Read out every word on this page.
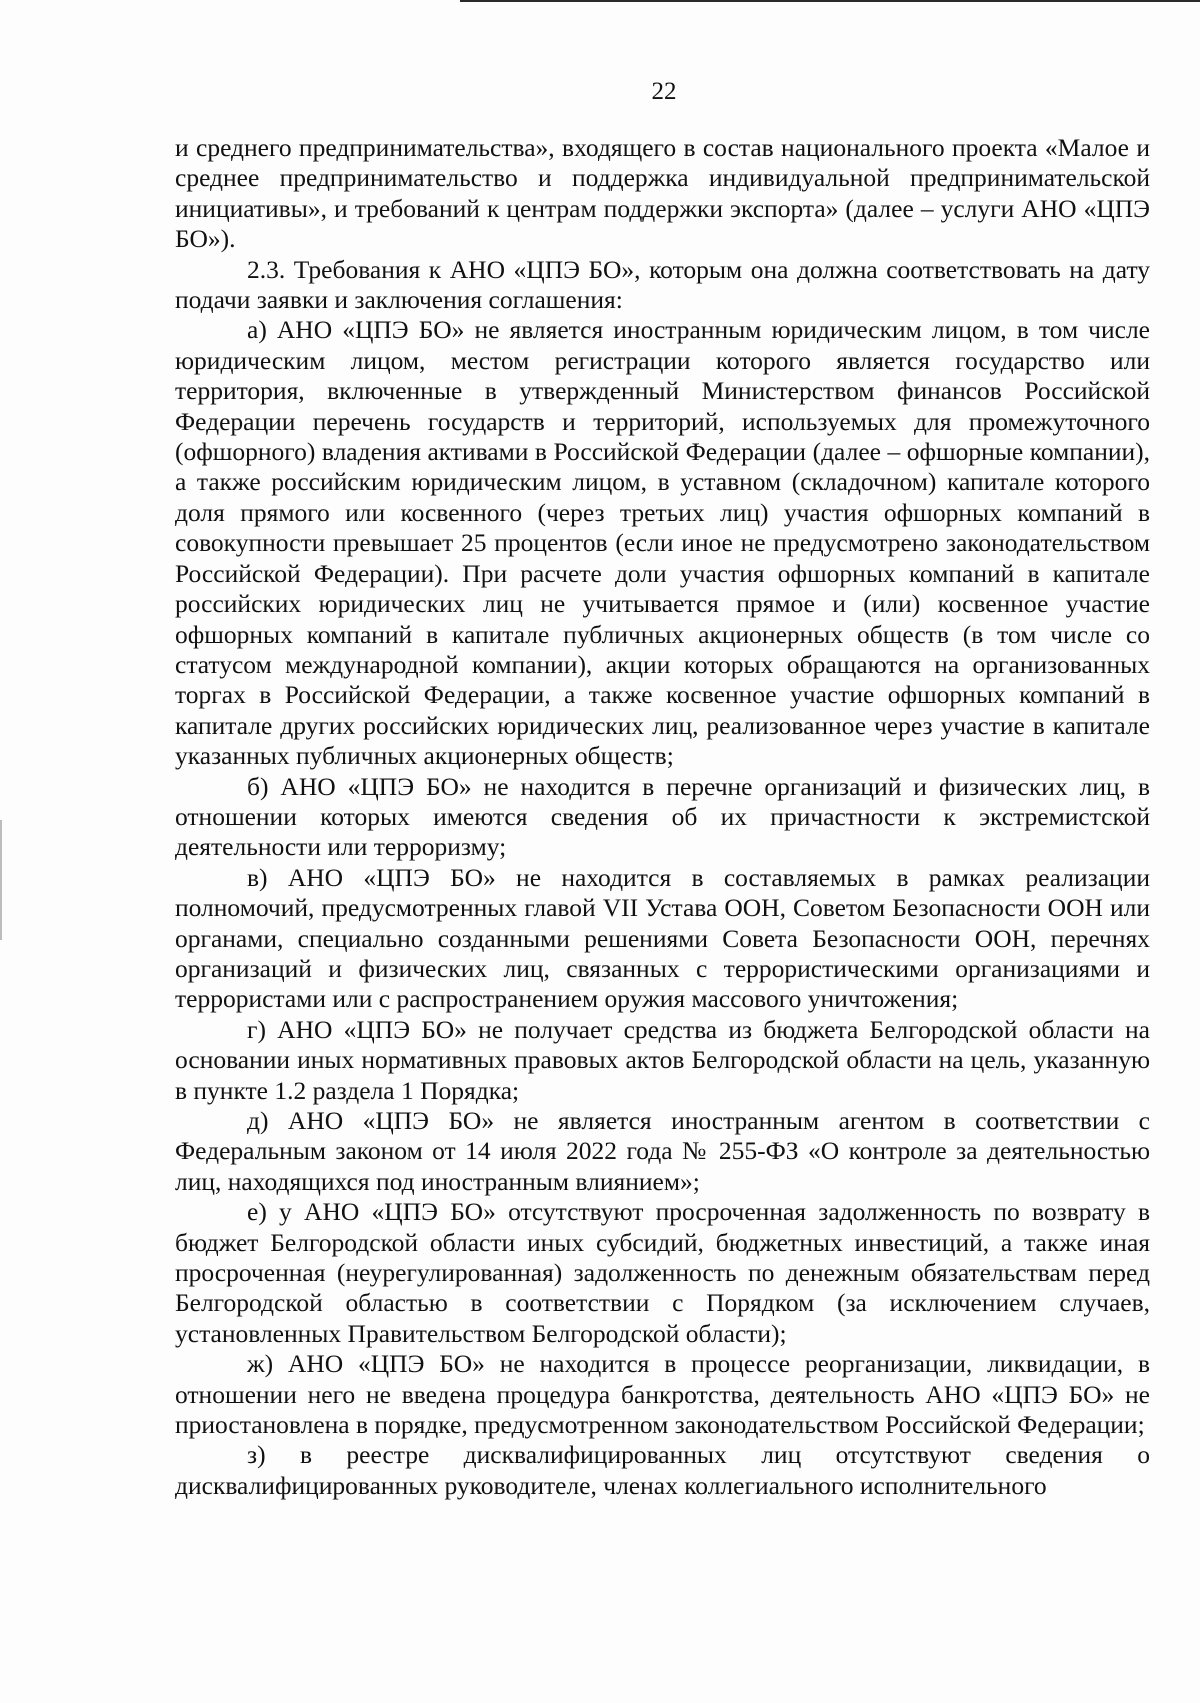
22

и среднего предпринимательства», входящего в состав национального проекта «Малое и среднее предпринимательство и поддержка индивидуальной предпринимательской инициативы», и требований к центрам поддержки экспорта» (далее – услуги АНО «ЦПЭ БО»).

2.3. Требования к АНО «ЦПЭ БО», которым она должна соответствовать на дату подачи заявки и заключения соглашения:

а) АНО «ЦПЭ БО» не является иностранным юридическим лицом, в том числе юридическим лицом, местом регистрации которого является государство или территория, включенные в утвержденный Министерством финансов Российской Федерации перечень государств и территорий, используемых для промежуточного (офшорного) владения активами в Российской Федерации (далее – офшорные компании), а также российским юридическим лицом, в уставном (складочном) капитале которого доля прямого или косвенного (через третьих лиц) участия офшорных компаний в совокупности превышает 25 процентов (если иное не предусмотрено законодательством Российской Федерации). При расчете доли участия офшорных компаний в капитале российских юридических лиц не учитывается прямое и (или) косвенное участие офшорных компаний в капитале публичных акционерных обществ (в том числе со статусом международной компании), акции которых обращаются на организованных торгах в Российской Федерации, а также косвенное участие офшорных компаний в капитале других российских юридических лиц, реализованное через участие в капитале указанных публичных акционерных обществ;

б) АНО «ЦПЭ БО» не находится в перечне организаций и физических лиц, в отношении которых имеются сведения об их причастности к экстремистской деятельности или терроризму;

в) АНО «ЦПЭ БО» не находится в составляемых в рамках реализации полномочий, предусмотренных главой VII Устава ООН, Советом Безопасности ООН или органами, специально созданными решениями Совета Безопасности ООН, перечнях организаций и физических лиц, связанных с террористическими организациями и террористами или с распространением оружия массового уничтожения;

г) АНО «ЦПЭ БО» не получает средства из бюджета Белгородской области на основании иных нормативных правовых актов Белгородской области на цель, указанную в пункте 1.2 раздела 1 Порядка;

д) АНО «ЦПЭ БО» не является иностранным агентом в соответствии с Федеральным законом от 14 июля 2022 года № 255-ФЗ «О контроле за деятельностью лиц, находящихся под иностранным влиянием»;

е) у АНО «ЦПЭ БО» отсутствуют просроченная задолженность по возврату в бюджет Белгородской области иных субсидий, бюджетных инвестиций, а также иная просроченная (неурегулированная) задолженность по денежным обязательствам перед Белгородской областью в соответствии с Порядком (за исключением случаев, установленных Правительством Белгородской области);

ж) АНО «ЦПЭ БО» не находится в процессе реорганизации, ликвидации, в отношении него не введена процедура банкротства, деятельность АНО «ЦПЭ БО» не приостановлена в порядке, предусмотренном законодательством Российской Федерации;

з) в реестре дисквалифицированных лиц отсутствуют сведения о дисквалифицированных руководителе, членах коллегиального исполнительного
